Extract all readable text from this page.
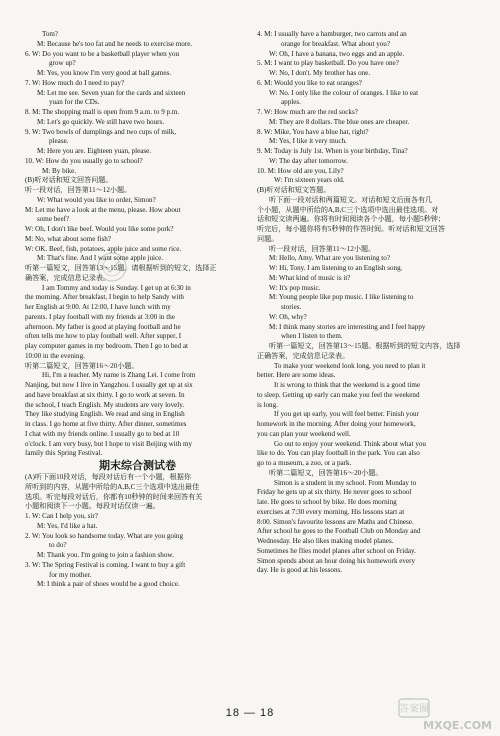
Tom?
M: Because he's too fat and he needs to exercise more.
6. W: Do you want to be a basketball player when you
grow up?
M: Yes, you know I'm very good at ball games.
7. W: How much do I need to pay?
M: Let me see. Seven yuan for the cards and sixteen
yuan for the CDs.
8. M: The shopping mall is open from 9 a.m. to 9 p.m.
M: Let's go quickly. We still have two hours.
9. W: Two bowls of dumplings and two cups of milk,
please.
M: Here you are. Eighteen yuan, please.
10. W: How do you usually go to school?
M: By bike.
(B)听对话和短文回答问题。
听一段对话，回答第11～12小题。
W: What would you like to order, Simon?
M: Let me have a look at the menu, please. How about
some beef?
W: Oh, I don't like beef. Would you like some pork?
M: No, what about some fish?
W: OK. Beef, fish, potatoes, apple juice and some rice.
M: That's fine. And I want some apple juice.
听第一篇短文，回答第13～15题。请根据听到的短文，选择正
确答案，完成信息记录表。
I am Tommy and today is Sunday. I get up at 6:30 in
the morning. After breakfast, I begin to help Sandy with
her English at 9:00. At 12:00, I have lunch with my
parents. I play football with my friends at 3:00 in the
afternoon. My father is good at playing football and he
often tells me how to play football well. After supper, I
play computer games in my bedroom. Then I go to bed at
10:00 in the evening.
听第二篇短文，回答第16～20小题。
Hi, I'm a teacher. My name is Zhang Lei. I come from
Nanjing, but now I live in Yangzhou. I usually get up at six
and have breakfast at six thirty. I go to work at seven. In
the school, I teach English. My students are very lovely.
They like studying English. We read and sing in English
in class. I go home at five thirty. After dinner, sometimes
I chat with my friends online. I usually go to bed at 10
o'clock. I am very busy, but I hope to visit Beijing with my
family this Spring Festival.
期末综合测试卷
(A)听下面10段对话，每段对话后有一个小题，根据你
所听到的内容，从题中所给的A,B,C三个选项中选出最佳
选项。听完每段对话后，你都有10秒钟的时间来回答有关
小题和阅读下一小题。每段对话仅读一遍。
1. W: Can I help you, sir?
M: Yes, I'd like a hat.
2. W: You look so handsome today. What are you going
to do?
M: Thank you. I'm going to join a fashion show.
3. W: The Spring Festival is coming. I want to buy a gift
for my mother.
M: I think a pair of shoes would be a good choice.
4. M: I usually have a hamburger, two carrots and an
orange for breakfast. What about you?
W: Oh, I have a banana, two eggs and an apple.
5. M: I want to play basketball. Do you have one?
W: No, I don't. My brother has one.
6. M: Would you like to eat oranges?
W: No. I only like the colour of oranges. I like to eat
apples.
7. W: How much are the red socks?
M: They are 8 dollars. The blue ones are cheaper.
8. W: Mike, You have a blue hat, right?
M: Yes, I like it very much.
9. M: Today is July 1st. When is your birthday, Tina?
W: The day after tomorrow.
10. M: How old are you, Lily?
W: I'm sixteen years old.
(B)听对话和短文答题。
听下面一段对话和两篇短文。对话和短文后面各有几
个小题，从题中所给的A,B,C三个选项中选出最佳选项。对
话和短文读两遍。你将有时间阅读各个小题，每小题5秒钟；
听完后，每小题你将有5秒钟的作答时间。听对话和短文回答
问题。
听一段对话，回答第11～12小题。
M: Hello, Amy. What are you listening to?
W: Hi, Tony. I am listening to an English song.
M: What kind of music is it?
W: It's pop music.
M: Young people like pop music. I like listening to
stories.
W: Oh, why?
M: I think many stories are interesting and I feel happy
when I listen to them.
听第一篇短文，回答第13～15题。根据听到的短文内容，选择
正确答案，完成信息记录表。
To make your weekend look long, you need to plan it
better. Here are some ideas.
It is wrong to think that the weekend is a good time
to sleep. Getting up early can make you feel the weekend
is long.
If you get up early, you will feel better. Finish your
homework in the morning. After doing your homework,
you can plan your weekend well.
Go out to enjoy your weekend. Think about what you
like to do. You can play football in the park. You can also
go to a museum, a zoo, or a park.
听第二篇短文，回答第16～20小题。
Simon is a student in my school. From Monday to
Friday he gets up at six thirty. He never goes to school
late. He goes to school by bike. He does morning
exercises at 7:30 every morning. His lessons start at
8:00. Simon's favourite lessons are Maths and Chinese.
After school he goes to the Football Club on Monday and
Wednesday. He also likes making model planes.
Sometimes he flies model planes after school on Friday.
Simon spends about an hour doing his homework every
day. He is good at his lessons.
18 — 18	答案圈
MXQE.COM
